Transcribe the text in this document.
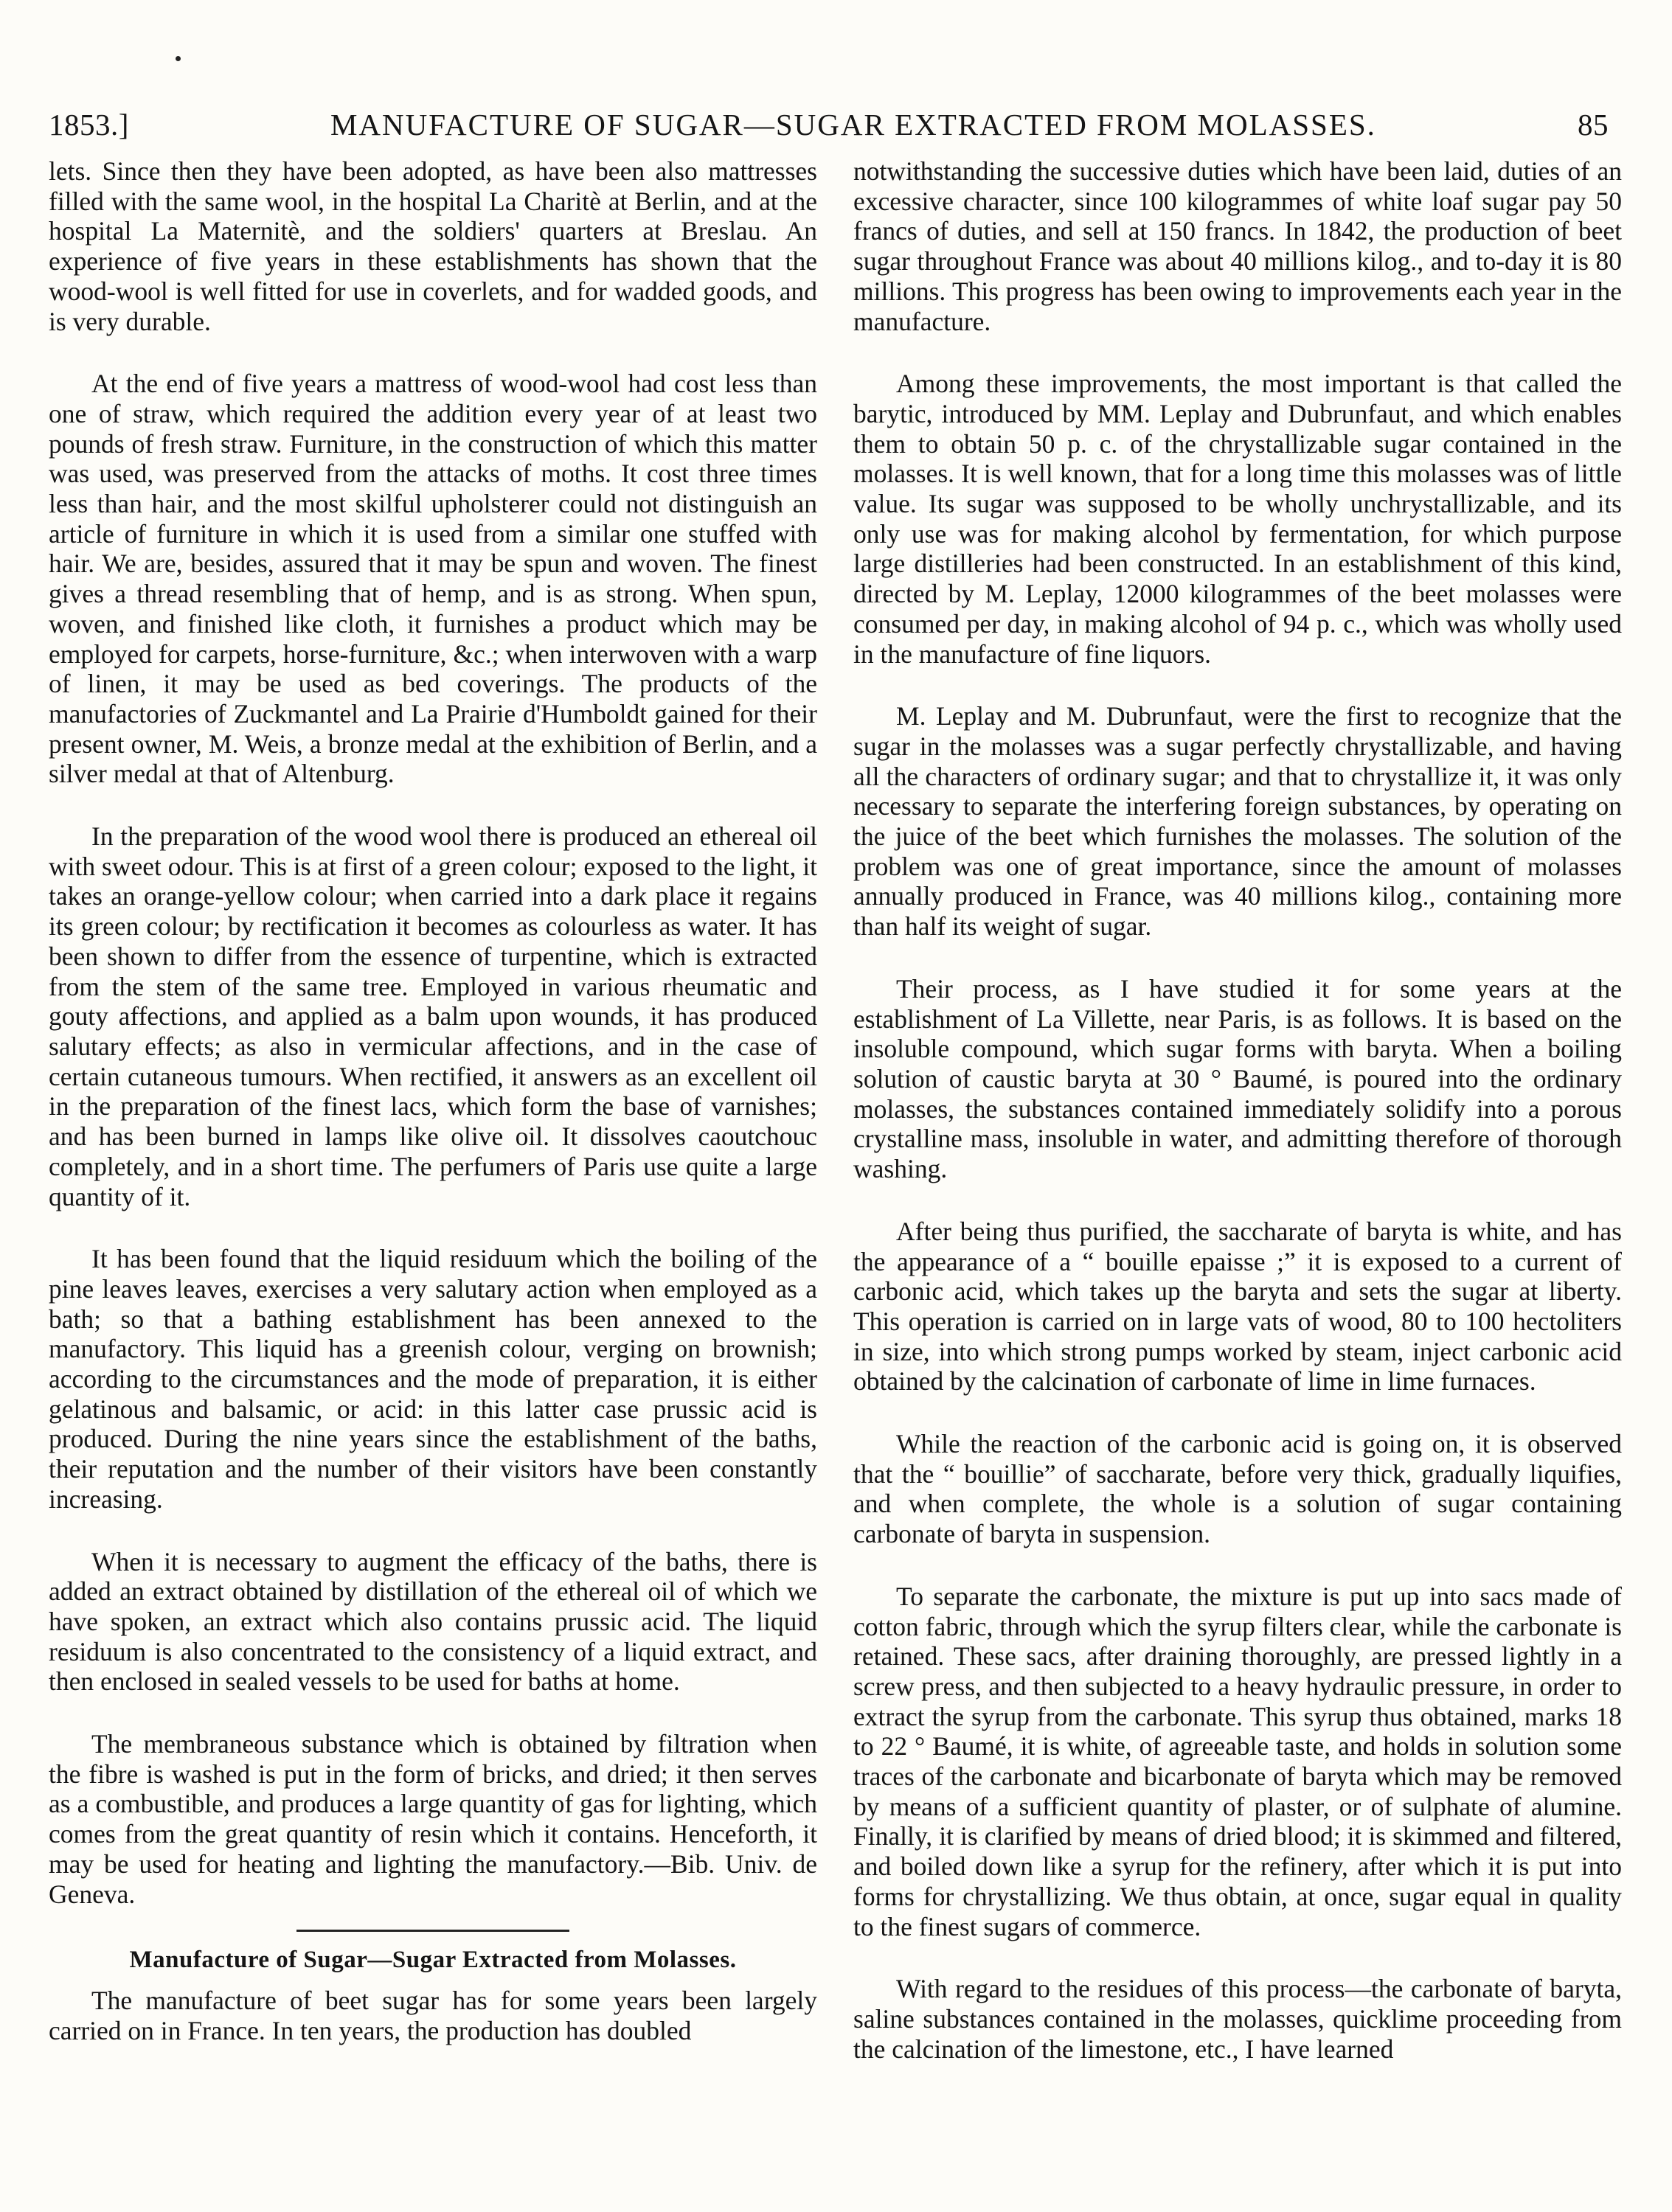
1853.]	MANUFACTURE OF SUGAR—SUGAR EXTRACTED FROM MOLASSES.	85

lets. Since then they have been adopted, as have been also mattresses filled with the same wool, in the hospital La Charitè at Berlin, and at the hospital La Maternitè, and the soldiers' quarters at Breslau. An experience of five years in these establishments has shown that the wood-wool is well fitted for use in coverlets, and for wadded goods, and is very durable.

At the end of five years a mattress of wood-wool had cost less than one of straw, which required the addition every year of at least two pounds of fresh straw. Furniture, in the construction of which this matter was used, was preserved from the attacks of moths. It cost three times less than hair, and the most skilful upholsterer could not distinguish an article of furniture in which it is used from a similar one stuffed with hair. We are, besides, assured that it may be spun and woven. The finest gives a thread resembling that of hemp, and is as strong. When spun, woven, and finished like cloth, it furnishes a product which may be employed for carpets, horse-furniture, &c.; when interwoven with a warp of linen, it may be used as bed coverings. The products of the manufactories of Zuckmantel and La Prairie d'Humboldt gained for their present owner, M. Weis, a bronze medal at the exhibition of Berlin, and a silver medal at that of Altenburg.

In the preparation of the wood wool there is produced an ethereal oil with sweet odour. This is at first of a green colour; exposed to the light, it takes an orange-yellow colour; when carried into a dark place it regains its green colour; by rectification it becomes as colourless as water. It has been shown to differ from the essence of turpentine, which is extracted from the stem of the same tree. Employed in various rheumatic and gouty affections, and applied as a balm upon wounds, it has produced salutary effects; as also in vermicular affections, and in the case of certain cutaneous tumours. When rectified, it answers as an excellent oil in the preparation of the finest lacs, which form the base of varnishes; and has been burned in lamps like olive oil. It dissolves caoutchouc completely, and in a short time. The perfumers of Paris use quite a large quantity of it.

It has been found that the liquid residuum which the boiling of the pine leaves leaves, exercises a very salutary action when employed as a bath; so that a bathing establishment has been annexed to the manufactory. This liquid has a greenish colour, verging on brownish; according to the circumstances and the mode of preparation, it is either gelatinous and balsamic, or acid: in this latter case prussic acid is produced. During the nine years since the establishment of the baths, their reputation and the number of their visitors have been constantly increasing.

When it is necessary to augment the efficacy of the baths, there is added an extract obtained by distillation of the ethereal oil of which we have spoken, an extract which also contains prussic acid. The liquid residuum is also concentrated to the consistency of a liquid extract, and then enclosed in sealed vessels to be used for baths at home.

The membraneous substance which is obtained by filtration when the fibre is washed is put in the form of bricks, and dried; it then serves as a combustible, and produces a large quantity of gas for lighting, which comes from the great quantity of resin which it contains. Henceforth, it may be used for heating and lighting the manufactory.—Bib. Univ. de Geneva.

Manufacture of Sugar—Sugar Extracted from Molasses.

The manufacture of beet sugar has for some years been largely carried on in France. In ten years, the production has doubled

notwithstanding the successive duties which have been laid, duties of an excessive character, since 100 kilogrammes of white loaf sugar pay 50 francs of duties, and sell at 150 francs. In 1842, the production of beet sugar throughout France was about 40 millions kilog., and to-day it is 80 millions. This progress has been owing to improvements each year in the manufacture.

Among these improvements, the most important is that called the barytic, introduced by MM. Leplay and Dubrunfaut, and which enables them to obtain 50 p. c. of the chrystallizable sugar contained in the molasses. It is well known, that for a long time this molasses was of little value. Its sugar was supposed to be wholly unchrystallizable, and its only use was for making alcohol by fermentation, for which purpose large distilleries had been constructed. In an establishment of this kind, directed by M. Leplay, 12000 kilogrammes of the beet molasses were consumed per day, in making alcohol of 94 p. c., which was wholly used in the manufacture of fine liquors.

M. Leplay and M. Dubrunfaut, were the first to recognize that the sugar in the molasses was a sugar perfectly chrystallizable, and having all the characters of ordinary sugar; and that to chrystallize it, it was only necessary to separate the interfering foreign substances, by operating on the juice of the beet which furnishes the molasses. The solution of the problem was one of great importance, since the amount of molasses annually produced in France, was 40 millions kilog., containing more than half its weight of sugar.

Their process, as I have studied it for some years at the establishment of La Villette, near Paris, is as follows. It is based on the insoluble compound, which sugar forms with baryta. When a boiling solution of caustic baryta at 30 ° Baumé, is poured into the ordinary molasses, the substances contained immediately solidify into a porous crystalline mass, insoluble in water, and admitting therefore of thorough washing.

After being thus purified, the saccharate of baryta is white, and has the appearance of a “ bouille epaisse ;” it is exposed to a current of carbonic acid, which takes up the baryta and sets the sugar at liberty. This operation is carried on in large vats of wood, 80 to 100 hectoliters in size, into which strong pumps worked by steam, inject carbonic acid obtained by the calcination of carbonate of lime in lime furnaces.

While the reaction of the carbonic acid is going on, it is observed that the “ bouillie” of saccharate, before very thick, gradually liquifies, and when complete, the whole is a solution of sugar containing carbonate of baryta in suspension.

To separate the carbonate, the mixture is put up into sacs made of cotton fabric, through which the syrup filters clear, while the carbonate is retained. These sacs, after draining thoroughly, are pressed lightly in a screw press, and then subjected to a heavy hydraulic pressure, in order to extract the syrup from the carbonate. This syrup thus obtained, marks 18 to 22 ° Baumé, it is white, of agreeable taste, and holds in solution some traces of the carbonate and bicarbonate of baryta which may be removed by means of a sufficient quantity of plaster, or of sulphate of alumine. Finally, it is clarified by means of dried blood; it is skimmed and filtered, and boiled down like a syrup for the refinery, after which it is put into forms for chrystallizing. We thus obtain, at once, sugar equal in quality to the finest sugars of commerce.

With regard to the residues of this process—the carbonate of baryta, saline substances contained in the molasses, quicklime proceeding from the calcination of the limestone, etc., I have learned
